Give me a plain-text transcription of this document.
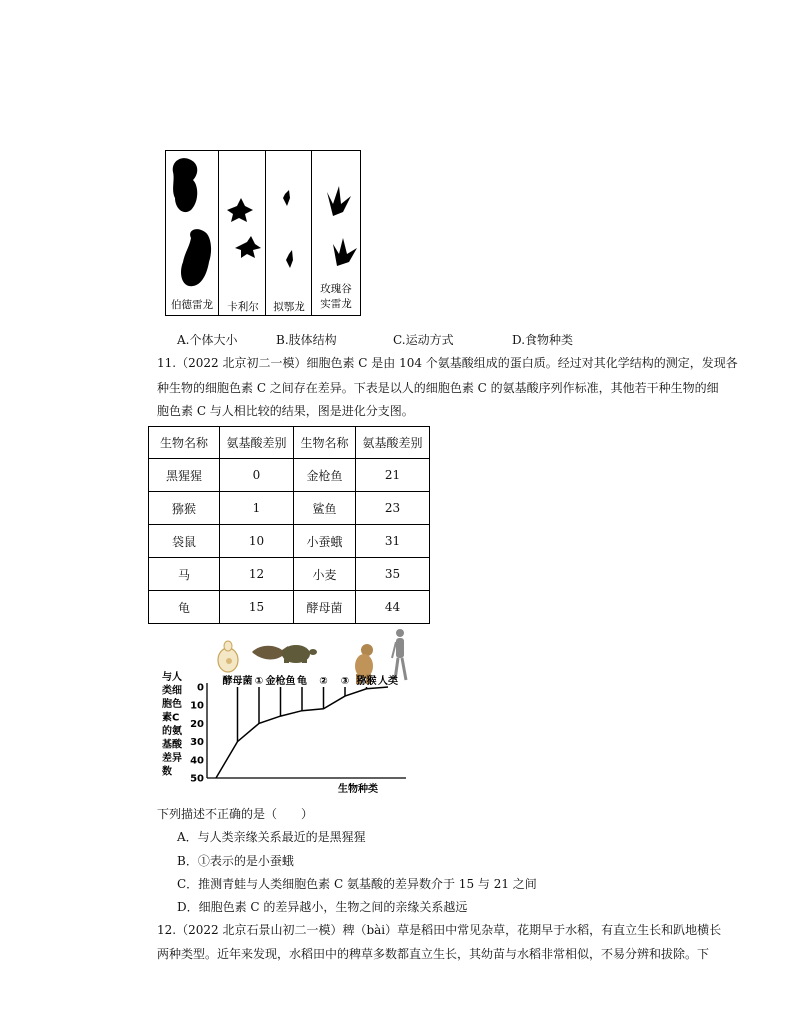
伯德雷龙	卡利尔	拟鄂龙
玫瑰谷
实雷龙
A.个体大小	B.肢体结构	C.运动方式	D.食物种类
11.（2022 北京初二一模）细胞色素 C 是由 104 个氨基酸组成的蛋白质。经过对其化学结构的测定，发现各
种生物的细胞色素 C 之间存在差异。下表是以人的细胞色素 C 的氨基酸序列作标准，其他若干种生物的细
胞色素 C 与人相比较的结果，图是进化分支图。
生物名称	氨基酸差别	生物名称	氨基酸差别
黑猩猩	0	金枪鱼	21
猕猴	1	鲨鱼	23
袋鼠	10	小蚕蛾	31
马	12	小麦	35
龟	15	酵母菌	44
与人
类细
胞色
素C
的氨
基酸
差异
数
0
10
20
30
40
50
酵母菌 ① 金枪鱼 龟 ② ③ 猕猴 人类
生物种类
下列描述不正确的是（　　）
A．与人类亲缘关系最近的是黑猩猩
B．①表示的是小蚕蛾
C．推测青蛙与人类细胞色素 C 氨基酸的差异数介于 15 与 21 之间
D．细胞色素 C 的差异越小，生物之间的亲缘关系越远
12.（2022 北京石景山初二一模）稗（bài）草是稻田中常见杂草，花期早于水稻，有直立生长和趴地横长
两种类型。近年来发现，水稻田中的稗草多数都直立生长，其幼苗与水稻非常相似，不易分辨和拔除。下
